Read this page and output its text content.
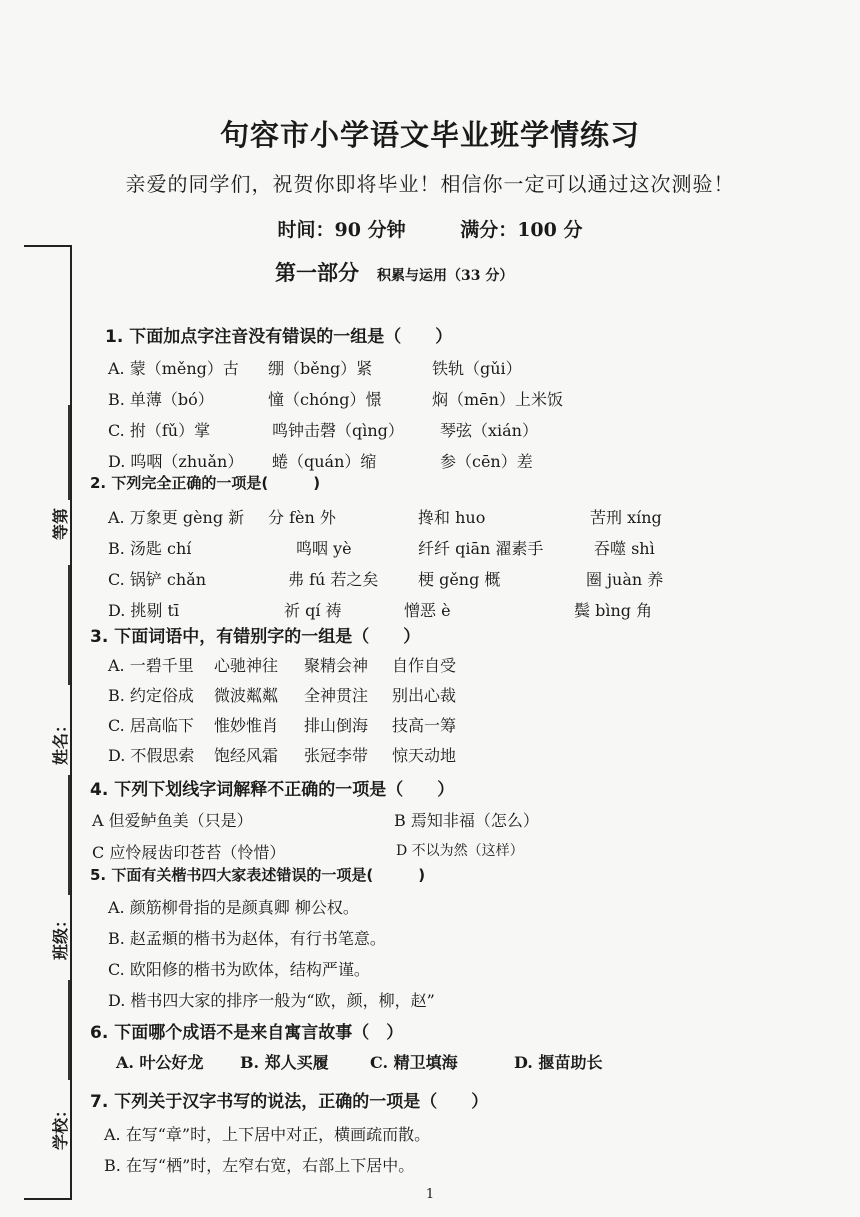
等第
姓名：
班级：
学校：
句容市小学语文毕业班学情练习
亲爱的同学们，祝贺你即将毕业！相信你一定可以通过这次测验！
时间：90 分钟	满分：100 分
第一部分 积累与运用（33 分）
1. 下面加点字注音没有错误的一组是（　　）
A. 蒙（měng）古 绷（běng）紧	铁轨（gǔi）
B. 单薄（bó）	憧（chóng）憬	焖（mēn）上米饭
C. 拊（fǔ）掌	鸣钟击磬（qìng） 琴弦（xián）
D. 呜咽（zhuǎn） 蜷（quán）缩	参（cēn）差
2. 下列完全正确的一项是(　　　)
A. 万象更 gèng 新 分 fèn 外	搀和 huo	苦刑 xíng
B. 汤匙 chí	鸣咽 yè	纤纤 qiān 濯素手	吞噬 shì
C. 锅铲 chǎn	弗 fú 若之矣 梗 gěng 概	圈 juàn 养
D. 挑剔 tī	祈 qí 祷	憎恶 è	鬓 bìng 角
3. 下面词语中，有错别字的一组是（　　）
A. 一碧千里 心驰神往 聚精会神 自作自受
B. 约定俗成 微波粼粼 全神贯注 别出心裁
C. 居高临下 惟妙惟肖 排山倒海 技高一筹
D. 不假思索 饱经风霜 张冠李带 惊天动地
4. 下列下划线字词解释不正确的一项是（　　）
A 但爱鲈鱼美（只是）	B 焉知非福（怎么）
C 应怜屐齿印苍苔（怜惜）	D 不以为然（这样）
5. 下面有关楷书四大家表述错误的一项是(　　　)
A. 颜筋柳骨指的是颜真卿 柳公权。
B. 赵孟頫的楷书为赵体，有行书笔意。
C. 欧阳修的楷书为欧体，结构严谨。
D. 楷书四大家的排序一般为“欧，颜，柳，赵”
6. 下面哪个成语不是来自寓言故事（　）
A. 叶公好龙 B. 郑人买履	C. 精卫填海	D. 揠苗助长
7. 下列关于汉字书写的说法，正确的一项是（　　）
A. 在写“章”时，上下居中对正，横画疏而散。
B. 在写“栖”时，左窄右宽，右部上下居中。
1
